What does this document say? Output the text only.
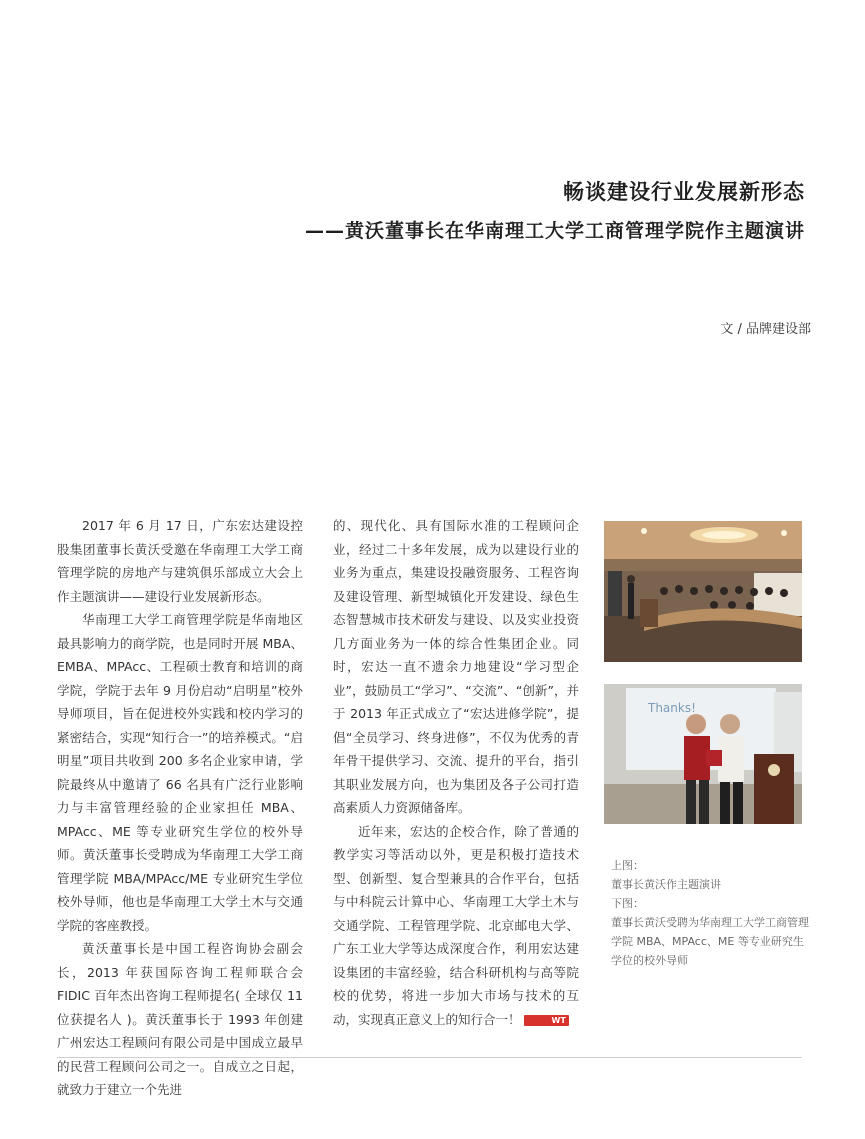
畅谈建设行业发展新形态
——黄沃董事长在华南理工大学工商管理学院作主题演讲
文 / 品牌建设部

2017 年 6 月 17 日，广东宏达建设控股集团董事长黄沃受邀在华南理工大学工商管理学院的房地产与建筑俱乐部成立大会上作主题演讲——建设行业发展新形态。

华南理工大学工商管理学院是华南地区最具影响力的商学院，也是同时开展 MBA、EMBA、MPAcc、工程硕士教育和培训的商学院，学院于去年 9 月份启动“启明星”校外导师项目，旨在促进校外实践和校内学习的紧密结合，实现“知行合一”的培养模式。“启明星”项目共收到 200 多名企业家申请，学院最终从中邀请了 66 名具有广泛行业影响力与丰富管理经验的企业家担任 MBA、MPAcc、ME 等专业研究生学位的校外导师。黄沃董事长受聘成为华南理工大学工商管理学院 MBA/MPAcc/ME 专业研究生学位校外导师，他也是华南理工大学土木与交通学院的客座教授。

黄沃董事长是中国工程咨询协会副会长，2013 年获国际咨询工程师联合会 FIDIC 百年杰出咨询工程师提名( 全球仅 11 位获提名人 )。黄沃董事长于 1993 年创建广州宏达工程顾问有限公司是中国成立最早的民营工程顾问公司之一。自成立之日起，就致力于建立一个先进

的、现代化、具有国际水准的工程顾问企业，经过二十多年发展，成为以建设行业的业务为重点，集建设投融资服务、工程咨询及建设管理、新型城镇化开发建设、绿色生态智慧城市技术研发与建设、以及实业投资几方面业务为一体的综合性集团企业。同时，宏达一直不遗余力地建设“学习型企业”，鼓励员工“学习”、“交流”、“创新”，并于 2013 年正式成立了“宏达进修学院”，提倡“全员学习、终身进修”，不仅为优秀的青年骨干提供学习、交流、提升的平台，指引其职业发展方向，也为集团及各子公司打造高素质人力资源储备库。

近年来，宏达的企校合作，除了普通的教学实习等活动以外，更是积极打造技术型、创新型、复合型兼具的合作平台，包括与中科院云计算中心、华南理工大学土木与交通学院、工程管理学院、北京邮电大学、广东工业大学等达成深度合作，利用宏达建设集团的丰富经验，结合科研机构与高等院校的优势，将进一步加大市场与技术的互动，实现真正意义上的知行合一！	WT

Thanks!
上图：
董事长黄沃作主题演讲
下图：
董事长黄沃受聘为华南理工大学工商管理学院 MBA、MPAcc、ME 等专业研究生学位的校外导师
